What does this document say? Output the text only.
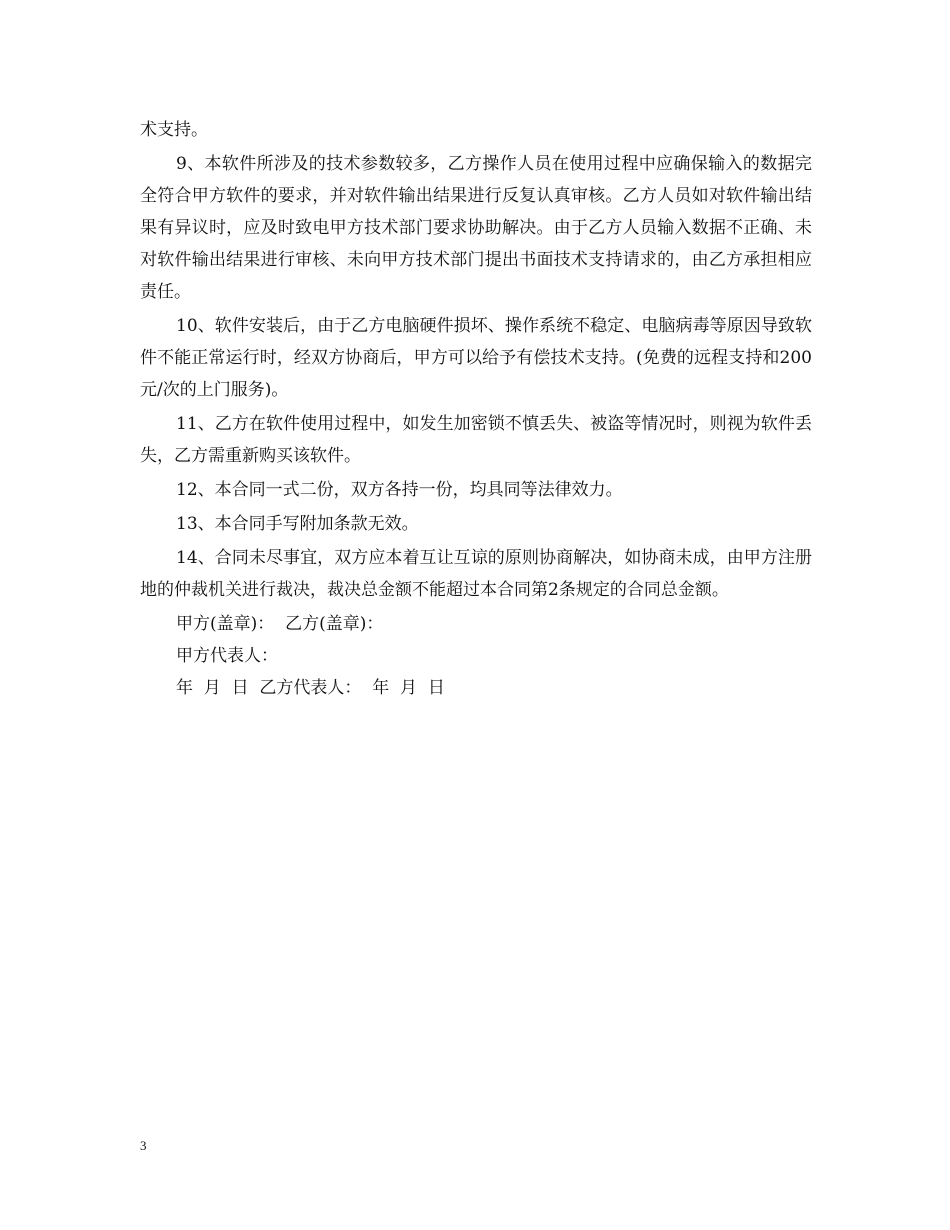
术支持。

9、本软件所涉及的技术参数较多，乙方操作人员在使用过程中应确保输入的数据完全符合甲方软件的要求，并对软件输出结果进行反复认真审核。乙方人员如对软件输出结果有异议时，应及时致电甲方技术部门要求协助解决。由于乙方人员输入数据不正确、未对软件输出结果进行审核、未向甲方技术部门提出书面技术支持请求的，由乙方承担相应责任。

10、软件安装后，由于乙方电脑硬件损坏、操作系统不稳定、电脑病毒等原因导致软件不能正常运行时，经双方协商后，甲方可以给予有偿技术支持。(免费的远程支持和200元/次的上门服务)。

11、乙方在软件使用过程中，如发生加密锁不慎丢失、被盗等情况时，则视为软件丢失，乙方需重新购买该软件。

12、本合同一式二份，双方各持一份，均具同等法律效力。

13、本合同手写附加条款无效。

14、合同未尽事宜，双方应本着互让互谅的原则协商解决，如协商未成，由甲方注册地的仲裁机关进行裁决，裁决总金额不能超过本合同第2条规定的合同总金额。

甲方(盖章)：  乙方(盖章)：
甲方代表人：
年  月  日  乙方代表人：  年  月  日
3
